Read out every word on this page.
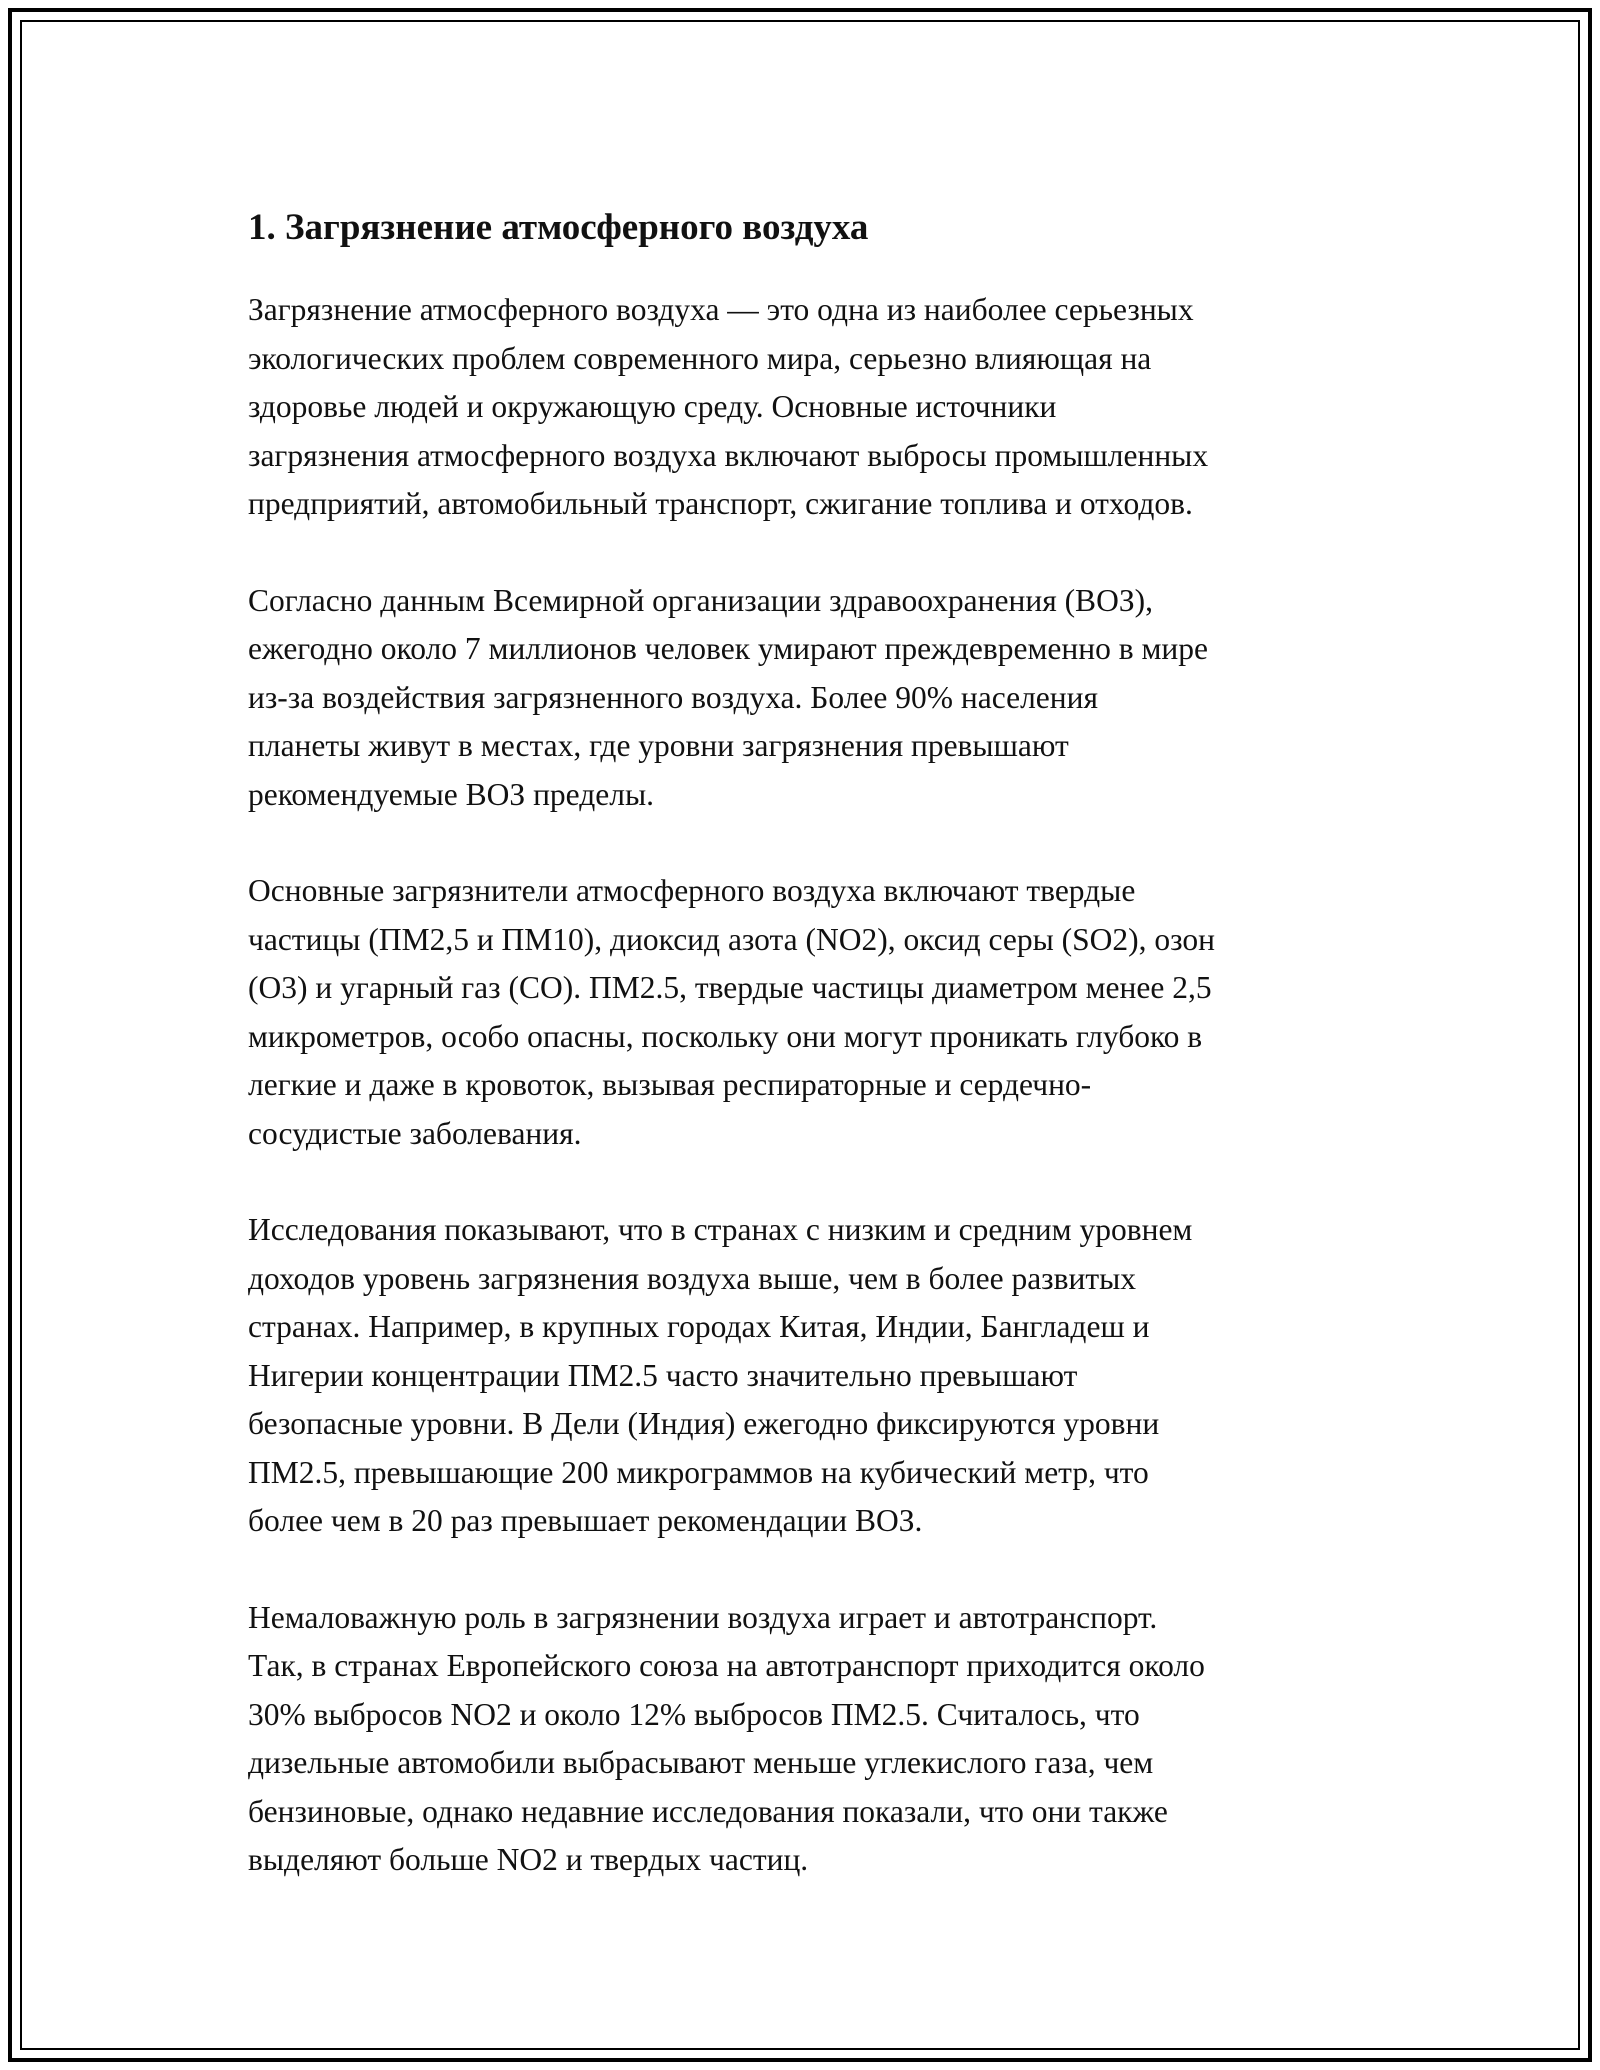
1. Загрязнение атмосферного воздуха

Загрязнение атмосферного воздуха — это одна из наиболее серьезных
экологических проблем современного мира, серьезно влияющая на
здоровье людей и окружающую среду. Основные источники
загрязнения атмосферного воздуха включают выбросы промышленных
предприятий, автомобильный транспорт, сжигание топлива и отходов.

Согласно данным Всемирной организации здравоохранения (ВОЗ),
ежегодно около 7 миллионов человек умирают преждевременно в мире
из-за воздействия загрязненного воздуха. Более 90% населения
планеты живут в местах, где уровни загрязнения превышают
рекомендуемые ВОЗ пределы.

Основные загрязнители атмосферного воздуха включают твердые
частицы (ПМ2,5 и ПМ10), диоксид азота (NO2), оксид серы (SO2), озон
(O3) и угарный газ (CO). ПМ2.5, твердые частицы диаметром менее 2,5
микрометров, особо опасны, поскольку они могут проникать глубоко в
легкие и даже в кровоток, вызывая респираторные и сердечно-
сосудистые заболевания.

Исследования показывают, что в странах с низким и средним уровнем
доходов уровень загрязнения воздуха выше, чем в более развитых
странах. Например, в крупных городах Китая, Индии, Бангладеш и
Нигерии концентрации ПМ2.5 часто значительно превышают
безопасные уровни. В Дели (Индия) ежегодно фиксируются уровни
ПМ2.5, превышающие 200 микрограммов на кубический метр, что
более чем в 20 раз превышает рекомендации ВОЗ.

Немаловажную роль в загрязнении воздуха играет и автотранспорт.
Так, в странах Европейского союза на автотранспорт приходится около
30% выбросов NO2 и около 12% выбросов ПМ2.5. Считалось, что
дизельные автомобили выбрасывают меньше углекислого газа, чем
бензиновые, однако недавние исследования показали, что они также
выделяют больше NO2 и твердых частиц.
